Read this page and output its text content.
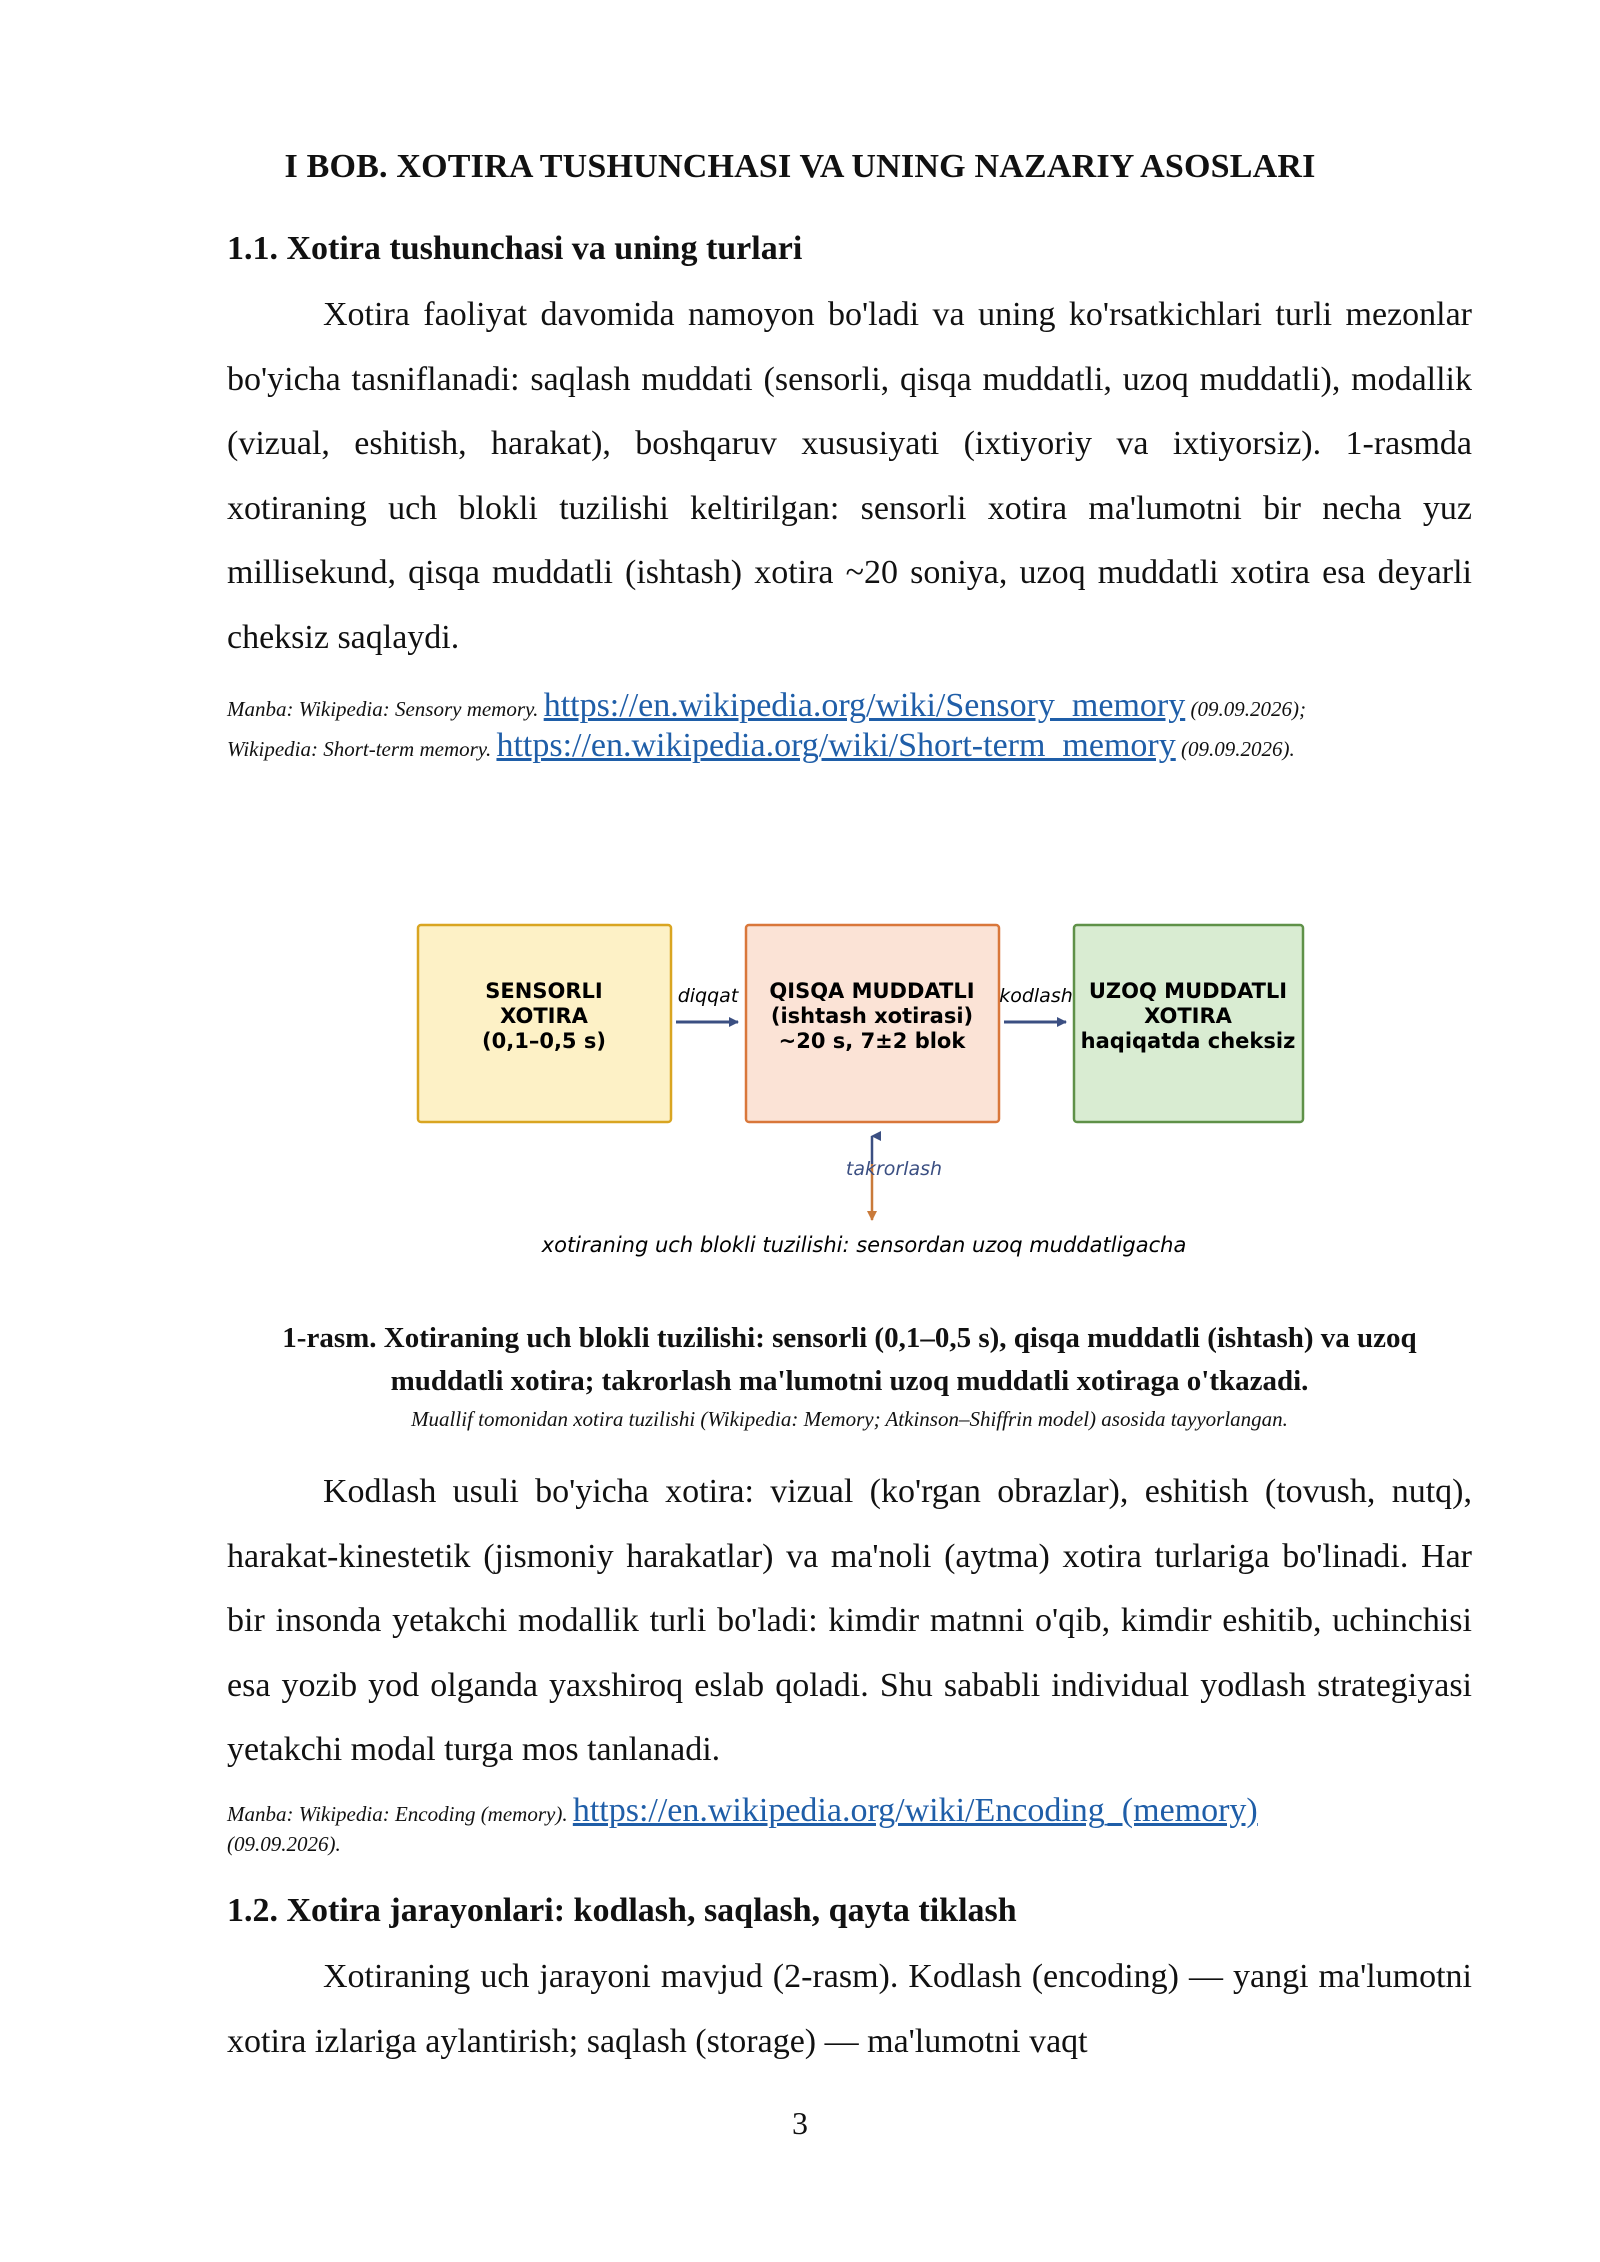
I BOB. XOTIRA TUSHUNCHASI VA UNING NAZARIY ASOSLARI
1.1. Xotira tushunchasi va uning turlari

Xotira faoliyat davomida namoyon bo'ladi va uning ko'rsatkichlari turli mezonlar bo'yicha tasniflanadi: saqlash muddati (sensorli, qisqa muddatli, uzoq muddatli), modallik (vizual, eshitish, harakat), boshqaruv xususiyati (ixtiyoriy va ixtiyorsiz). 1-rasmda xotiraning uch blokli tuzilishi keltirilgan: sensorli xotira ma'lumotni bir necha yuz millisekund, qisqa muddatli (ishtash) xotira ~20 soniya, uzoq muddatli xotira esa deyarli cheksiz saqlaydi.

Manba: Wikipedia: Sensory memory. https://en.wikipedia.org/wiki/Sensory_memory (09.09.2026);
Wikipedia: Short-term memory. https://en.wikipedia.org/wiki/Short-term_memory (09.09.2026).
SENSORLI
XOTIRA
(0,1–0,5 s)
diqqat QISQA MUDDATLI
(ishtash xotirasi)
~20 s, 7±2 blok
kodlash UZOQ MUDDATLI
XOTIRA
haqiqatda cheksiz
takrorlash
xotiraning uch blokli tuzilishi: sensordan uzoq muddatligacha
1-rasm. Xotiraning uch blokli tuzilishi: sensorli (0,1–0,5 s), qisqa muddatli (ishtash) va uzoq muddatli xotira; takrorlash ma'lumotni uzoq muddatli xotiraga o'tkazadi.
Muallif tomonidan xotira tuzilishi (Wikipedia: Memory; Atkinson–Shiffrin model) asosida tayyorlangan.

Kodlash usuli bo'yicha xotira: vizual (ko'rgan obrazlar), eshitish (tovush, nutq), harakat-kinestetik (jismoniy harakatlar) va ma'noli (aytma) xotira turlariga bo'linadi. Har bir insonda yetakchi modallik turli bo'ladi: kimdir matnni o'qib, kimdir eshitib, uchinchisi esa yozib yod olganda yaxshiroq eslab qoladi. Shu sababli individual yodlash strategiyasi yetakchi modal turga mos tanlanadi.

Manba: Wikipedia: Encoding (memory). https://en.wikipedia.org/wiki/Encoding_(memory)
(09.09.2026).
1.2. Xotira jarayonlari: kodlash, saqlash, qayta tiklash

Xotiraning uch jarayoni mavjud (2-rasm). Kodlash (encoding) — yangi ma'lumotni xotira izlariga aylantirish; saqlash (storage) — ma'lumotni vaqt

3
